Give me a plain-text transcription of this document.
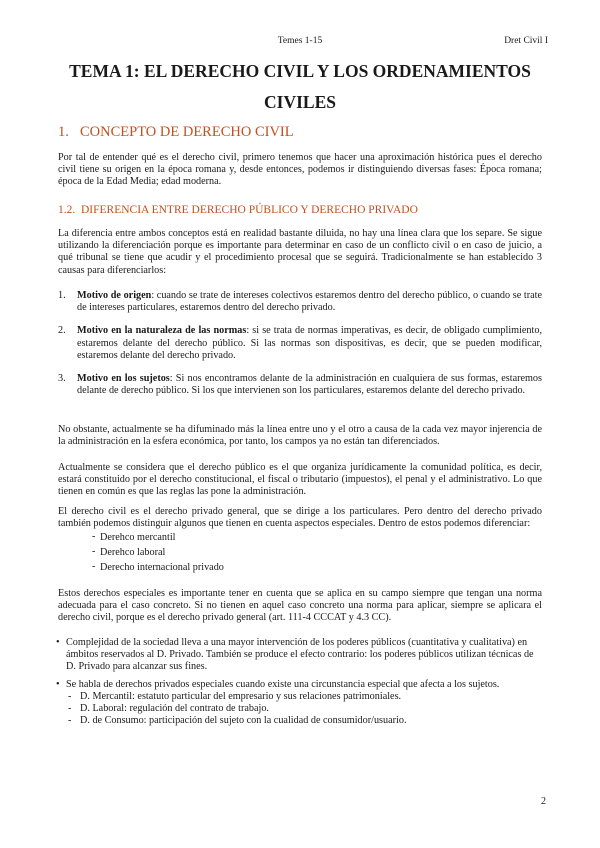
Temes 1-15	Dret Civil I
TEMA 1: EL DERECHO CIVIL Y LOS ORDENAMIENTOS CIVILES
1. CONCEPTO DE DERECHO CIVIL
Por tal de entender qué es el derecho civil, primero tenemos que hacer una aproximación histórica pues el derecho civil tiene su origen en la época romana y, desde entonces, podemos ir distinguiendo diversas fases: Época romana; época de la Edad Media; edad moderna.
1.2. DIFERENCIA ENTRE DERECHO PÚBLICO Y DERECHO PRIVADO
La diferencia entre ambos conceptos está en realidad bastante diluida, no hay una línea clara que los separe. Se sigue utilizando la diferenciación porque es importante para determinar en caso de un conflicto civil o en caso de juicio, a qué tribunal se tiene que acudir y el procedimiento procesal que se seguirá. Tradicionalmente se han establecido 3 causas para diferenciarlos:
1. Motivo de origen: cuando se trate de intereses colectivos estaremos dentro del derecho público, o cuando se trate de intereses particulares, estaremos dentro del derecho privado.
2. Motivo en la naturaleza de las normas: si se trata de normas imperativas, es decir, de obligado cumplimiento, estaremos delante del derecho público. Si las normas son dispositivas, es decir, que se pueden modificar, estaremos delante del derecho privado.
3. Motivo en los sujetos: Si nos encontramos delante de la administración en cualquiera de sus formas, estaremos delante de derecho público. Si los que intervienen son los particulares, estaremos delante del derecho privado.
No obstante, actualmente se ha difuminado más la línea entre uno y el otro a causa de la cada vez mayor injerencia de la administración en la esfera económica, por tanto, los campos ya no están tan diferenciados.
Actualmente se considera que el derecho público es el que organiza jurídicamente la comunidad política, es decir, estará constituido por el derecho constitucional, el fiscal o tributario (impuestos), el penal y el administrativo. Lo que tienen en común es que las reglas las pone la administración.
El derecho civil es el derecho privado general, que se dirige a los particulares. Pero dentro del derecho privado también podemos distinguir algunos que tienen en cuenta aspectos especiales. Dentro de estos podemos diferenciar:
- Derehco mercantil
- Derehco laboral
- Derecho internacional privado
Estos derechos especiales es importante tener en cuenta que se aplica en su campo siempre que tengan una norma adecuada para el caso concreto. Si no tienen en aquel caso concreto una norma para aplicar, siempre se aplicara el derecho civil, porque es el derecho privado general (art. 111-4 CCCAT y 4.3 CC).
• Complejidad de la sociedad lleva a una mayor intervención de los poderes públicos (cuantitativa y cualitativa) en ámbitos reservados al D. Privado. También se produce el efecto contrario: los poderes públicos utilizan técnicas de D. Privado para alcanzar sus fines.
• Se habla de derechos privados especiales cuando existe una circunstancia especial que afecta a los sujetos.
- D. Mercantil: estatuto particular del empresario y sus relaciones patrimoniales.
- D. Laboral: regulación del contrato de trabajo.
- D. de Consumo: participación del sujeto con la cualidad de consumidor/usuario.
2
